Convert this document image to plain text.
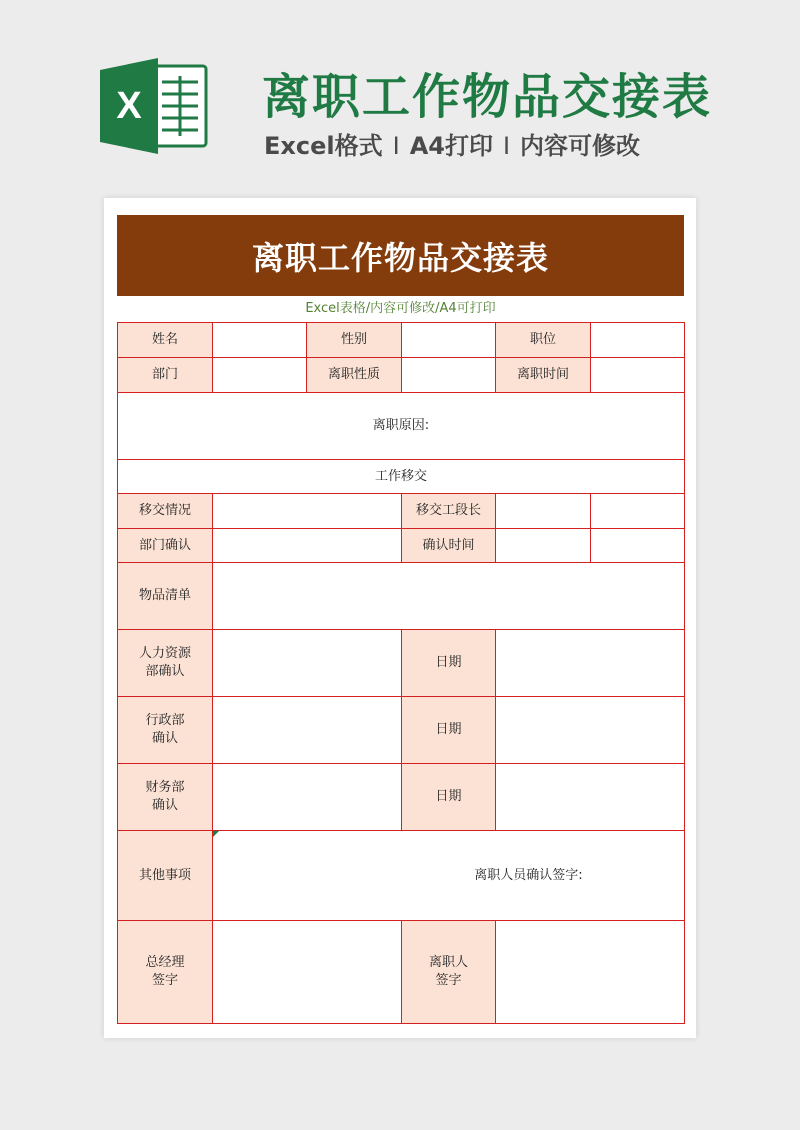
X	离职工作物品交接表
Excel格式 I A4打印 I 内容可修改
离职工作物品交接表
Excel表格/内容可修改/A4可打印
姓名		性别		职位	
部门		离职性质		离职时间	
离职原因:					
工作移交					
移交情况			移交工段长		
部门确认			确认时间		
物品清单					
人力资源部确认			日期		
行政部确认			日期		
财务部确认			日期		
其他事项	离职人员确认签字:				
总经理签字			离职人签字		
